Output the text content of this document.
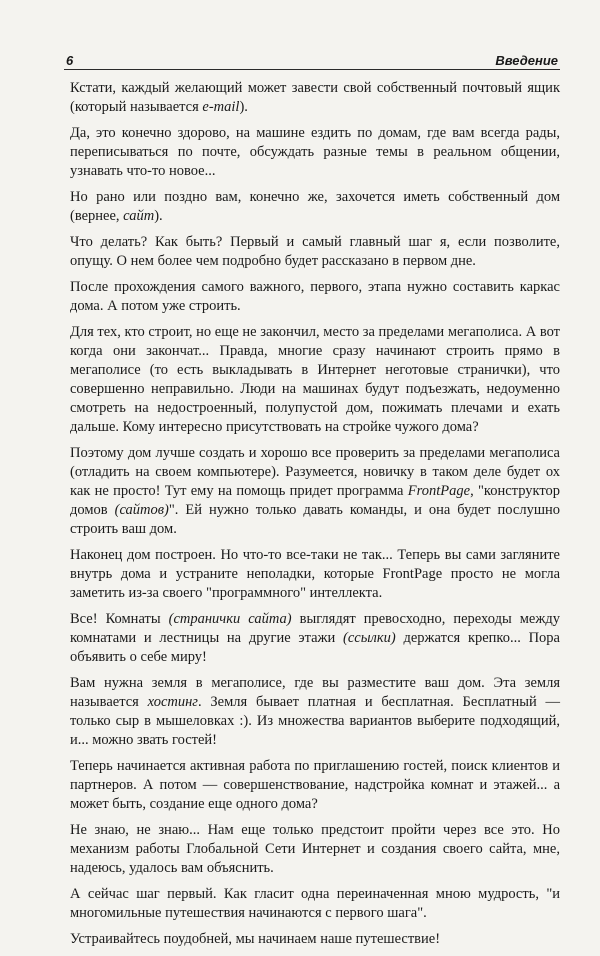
6	Введение

Кстати, каждый желающий может завести свой собственный почтовый ящик (который называется e-mail).

Да, это конечно здорово, на машине ездить по домам, где вам всегда рады, переписываться по почте, обсуждать разные темы в реальном общении, узнавать что-то новое...

Но рано или поздно вам, конечно же, захочется иметь собственный дом (вернее, сайт).

Что делать? Как быть? Первый и самый главный шаг я, если позволите, опущу. О нем более чем подробно будет рассказано в первом дне.

После прохождения самого важного, первого, этапа нужно составить каркас дома. А потом уже строить.

Для тех, кто строит, но еще не закончил, место за пределами мегаполиса. А вот когда они закончат... Правда, многие сразу начинают строить прямо в мегаполисе (то есть выкладывать в Интернет неготовые странички), что совершенно неправильно. Люди на машинах будут подъезжать, недоуменно смотреть на недостроенный, полупустой дом, пожимать плечами и ехать дальше. Кому интересно присутствовать на стройке чужого дома?

Поэтому дом лучше создать и хорошо все проверить за пределами мегаполиса (отладить на своем компьютере). Разумеется, новичку в таком деле будет ох как не просто! Тут ему на помощь придет программа FrontPage, "конструктор домов (сайтов)". Ей нужно только давать команды, и она будет послушно строить ваш дом.

Наконец дом построен. Но что-то все-таки не так... Теперь вы сами загляните внутрь дома и устраните неполадки, которые FrontPage просто не могла заметить из-за своего "программного" интеллекта.

Все! Комнаты (странички сайта) выглядят превосходно, переходы между комнатами и лестницы на другие этажи (ссылки) держатся крепко... Пора объявить о себе миру!

Вам нужна земля в мегаполисе, где вы разместите ваш дом. Эта земля называется хостинг. Земля бывает платная и бесплатная. Бесплатный — только сыр в мышеловках :). Из множества вариантов выберите подходящий, и... можно звать гостей!

Теперь начинается активная работа по приглашению гостей, поиск клиентов и партнеров. А потом — совершенствование, надстройка комнат и этажей... а может быть, создание еще одного дома?

Не знаю, не знаю... Нам еще только предстоит пройти через все это. Но механизм работы Глобальной Сети Интернет и создания своего сайта, мне, надеюсь, удалось вам объяснить.

А сейчас шаг первый. Как гласит одна переиначенная мною мудрость, "и многомильные путешествия начинаются с первого шага".

Устраивайтесь поудобней, мы начинаем наше путешествие!
